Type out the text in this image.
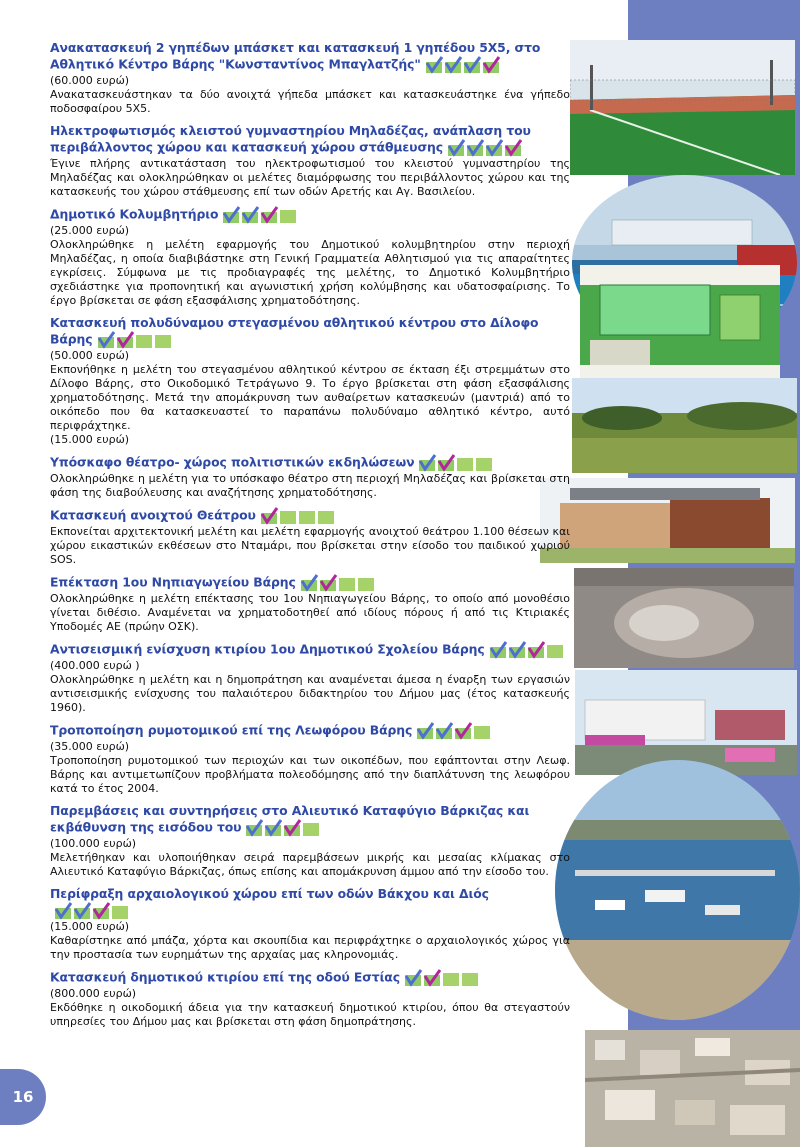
Ανακατασκευή 2 γηπέδων μπάσκετ και κατασκευή 1 γηπέδου 5Χ5, στο Αθλητικό Κέντρο Βάρης "Κωνσταντίνος Μπαγλατζής"
(60.000 ευρώ)
Ανακατασκευάστηκαν τα δύο ανοιχτά γήπεδα μπάσκετ και κατασκευάστηκε ένα γήπεδο ποδοσφαίρου 5Χ5.
Ηλεκτροφωτισμός κλειστού γυμναστηρίου Μηλαδέζας, ανάπλαση του περιβάλλοντος χώρου και κατασκευή χώρου στάθμευσης
Έγινε πλήρης αντικατάσταση του ηλεκτροφωτισμού του κλειστού γυμναστηρίου της Μηλαδέζας και ολοκληρώθηκαν οι μελέτες διαμόρφωσης του περιβάλλοντος χώρου και της κατασκευής του χώρου στάθμευσης επί των οδών Αρετής και Αγ. Βασιλείου.
Δημοτικό Κολυμβητήριο
(25.000 ευρώ)
Ολοκληρώθηκε η μελέτη εφαρμογής του Δημοτικού κολυμβητηρίου στην περιοχή Μηλαδέζας, η οποία διαβιβάστηκε στη Γενική Γραμματεία Αθλητισμού για τις απαραίτητες εγκρίσεις. Σύμφωνα με τις προδιαγραφές της μελέτης, το Δημοτικό Κολυμβητήριο σχεδιάστηκε για προπονητική και αγωνιστική χρήση κολύμβησης και υδατοσφαίρισης. Το έργο βρίσκεται σε φάση εξασφάλισης χρηματοδότησης.
Κατασκευή πολυδύναμου στεγασμένου αθλητικού κέντρου στο Δίλοφο Βάρης
(50.000 ευρώ)
Εκπονήθηκε η μελέτη του στεγασμένου αθλητικού κέντρου σε έκταση έξι στρεμμάτων στο Δίλοφο Βάρης, στο Οικοδομικό Τετράγωνο 9. Το έργο βρίσκεται στη φάση εξασφάλισης χρηματοδότησης. Μετά την απομάκρυνση των αυθαίρετων κατασκευών (μαντριά) από το οικόπεδο που θα κατασκευαστεί το παραπάνω πολυδύναμο αθλητικό κέντρο, αυτό περιφράχτηκε.
(15.000 ευρώ)
Υπόσκαφο θέατρο- χώρος πολιτιστικών εκδηλώσεων
Ολοκληρώθηκε η μελέτη για το υπόσκαφο θέατρο στη περιοχή Μηλαδέζας και βρίσκεται στη φάση της διαβούλευσης και αναζήτησης χρηματοδότησης.
Κατασκευή ανοιχτού Θεάτρου
Εκπονείται αρχιτεκτονική μελέτη και μελέτη εφαρμογής ανοιχτού θεάτρου 1.100 θέσεων και χώρου εικαστικών εκθέσεων στο Νταμάρι, που βρίσκεται στην είσοδο του παιδικού χωριού SOS.
Επέκταση 1ου Νηπιαγωγείου Βάρης
Ολοκληρώθηκε η μελέτη επέκτασης του 1ου Νηπιαγωγείου Βάρης, το οποίο από μονοθέσιο γίνεται διθέσιο. Αναμένεται να χρηματοδοτηθεί από ιδίους πόρους ή από τις Κτιριακές Υποδομές ΑΕ (πρώην ΟΣΚ).
Αντισεισμική ενίσχυση κτιρίου 1ου Δημοτικού Σχολείου Βάρης
(400.000 ευρώ )
Ολοκληρώθηκε η μελέτη και η δημοπράτηση και αναμένεται άμεσα η έναρξη των εργασιών αντισεισμικής ενίσχυσης του παλαιότερου διδακτηρίου του Δήμου μας (έτος κατασκευής 1960).
Τροποποίηση ρυμοτομικού επί της Λεωφόρου Βάρης
(35.000 ευρώ)
Τροποποίηση ρυμοτομικού των περιοχών και των οικοπέδων, που εφάπτονται στην Λεωφ. Βάρης και αντιμετωπίζουν προβλήματα πολεοδόμησης από την διαπλάτυνση της λεωφόρου κατά το έτος 2004.
Παρεμβάσεις και συντηρήσεις στο Αλιευτικό Καταφύγιο Βάρκιζας και εκβάθυνση της εισόδου του
(100.000 ευρώ)
Μελετήθηκαν και υλοποιήθηκαν σειρά παρεμβάσεων μικρής και μεσαίας κλίμακας στο Αλιευτικό Καταφύγιο Βάρκιζας, όπως επίσης και απομάκρυνση άμμου από την είσοδο του.
Περίφραξη αρχαιολογικού χώρου επί των οδών Βάκχου και Διός
(15.000 ευρώ)
Καθαρίστηκε από μπάζα, χόρτα και σκουπίδια και περιφράχτηκε ο αρχαιολογικός χώρος για την προστασία των ευρημάτων της αρχαίας μας κληρονομιάς.
Κατασκευή δημοτικού κτιρίου επί της οδού Εστίας
(800.000 ευρώ)
Εκδόθηκε η οικοδομική άδεια για την κατασκευή δημοτικού κτιρίου, όπου θα στεγαστούν υπηρεσίες του Δήμου μας και βρίσκεται στη φάση δημοπράτησης.
16
